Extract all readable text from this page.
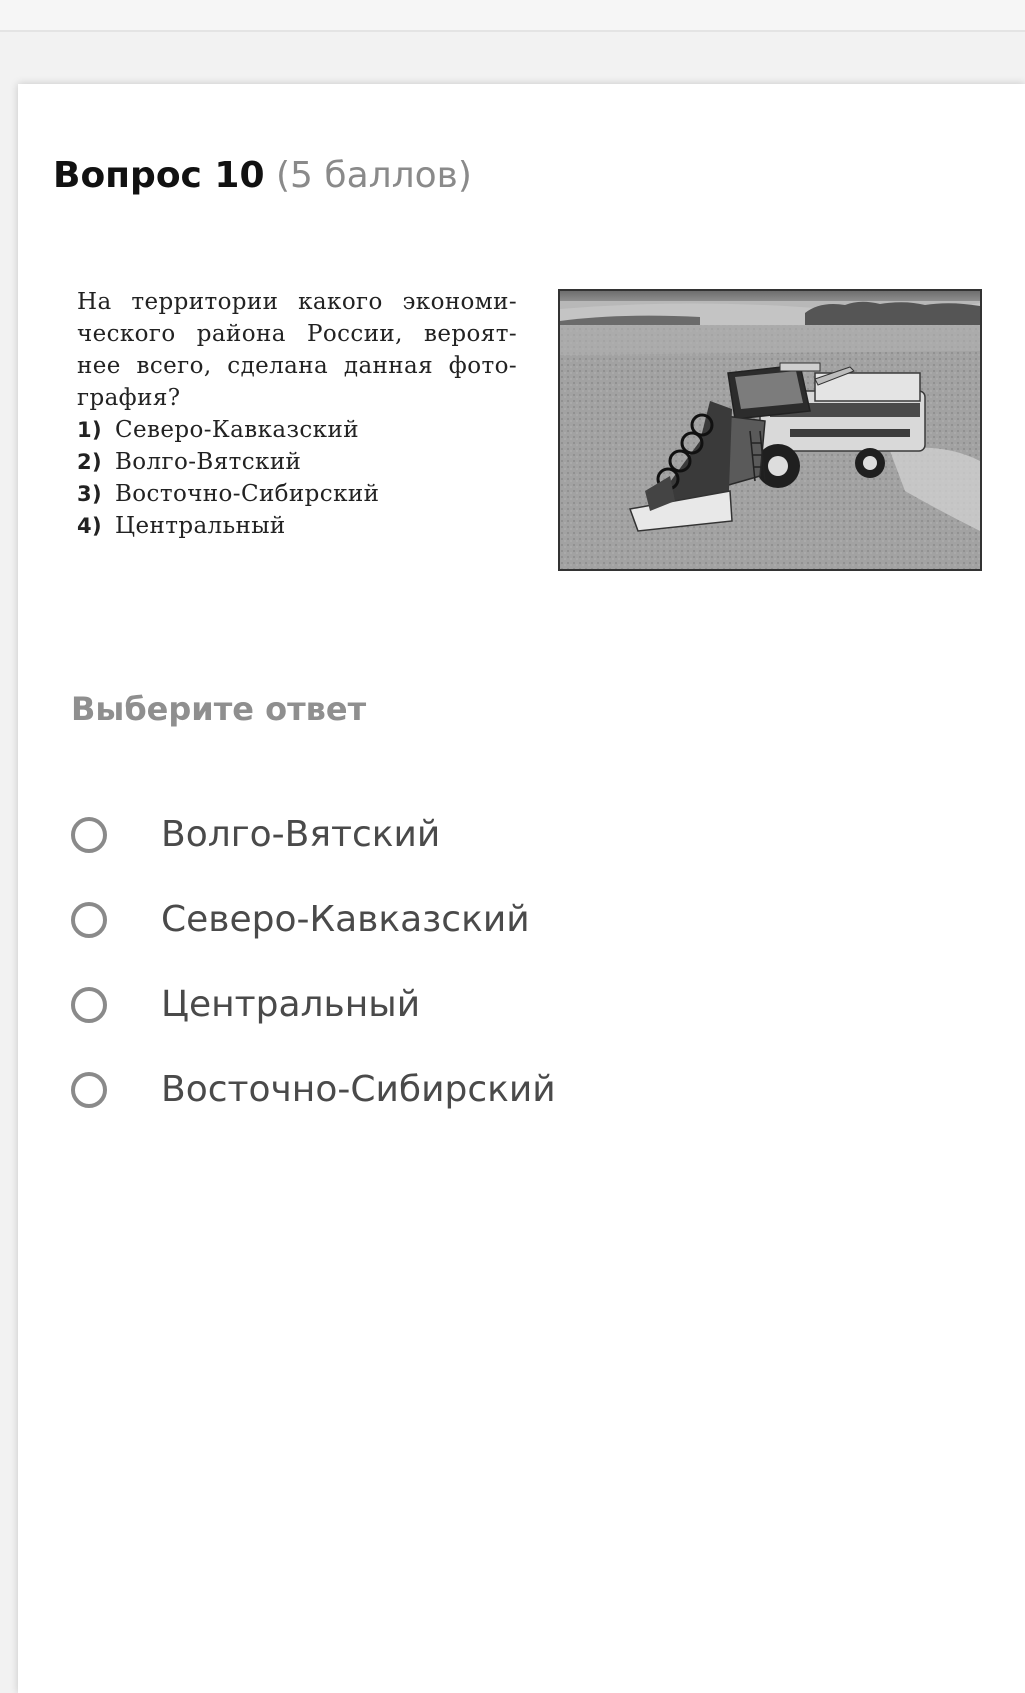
Вопрос 10 (5 баллов)
На территории какого экономи-
ческого района России, вероят-
нее всего, сделана данная фото-
графия?
1) Северо-Кавказский
2) Волго-Вятский
3) Восточно-Сибирский
4) Центральный
Выберите ответ
Волго-Вятский
Северо-Кавказский
Центральный
Восточно-Сибирский
